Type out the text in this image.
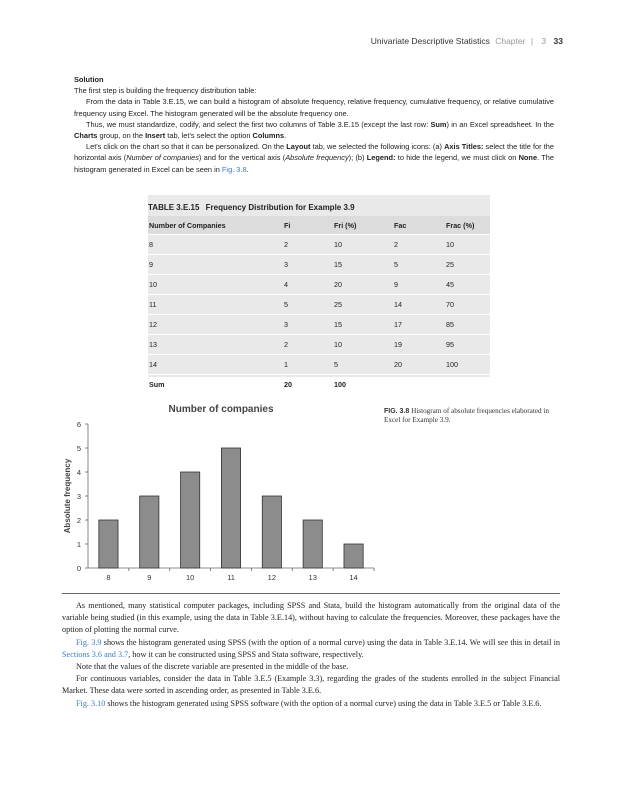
Univariate Descriptive Statistics Chapter | 3 33
Solution

The first step is building the frequency distribution table:

From the data in Table 3.E.15, we can build a histogram of absolute frequency, relative frequency, cumulative frequency, or relative cumulative frequency using Excel. The histogram generated will be the absolute frequency one.

Thus, we must standardize, codify, and select the first two columns of Table 3.E.15 (except the last row: Sum) in an Excel spreadsheet. In the Charts group, on the Insert tab, let's select the option Columns.

Let's click on the chart so that it can be personalized. On the Layout tab, we selected the following icons: (a) Axis Titles: select the title for the horizontal axis (Number of companies) and for the vertical axis (Absolute frequency); (b) Legend: to hide the legend, we must click on None. The histogram generated in Excel can be seen in Fig. 3.8.

TABLE 3.E.15 Frequency Distribution for Example 3.9
Number of Companies	Fi	Fri (%)	Fac	Frac (%)
8	2	10	2	10
9	3	15	5	25
10	4	20	9	45
11	5	25	14	70
12	3	15	17	85
13	2	10	19	95
14	1	5	20	100
Sum	20	100		
Number of companies
Absolute frequency
0
1
2
3
4
5
6
8	9	10	11	12	13	14
FIG. 3.8 Histogram of absolute frequencies elaborated in Excel for Example 3.9.

As mentioned, many statistical computer packages, including SPSS and Stata, build the histogram automatically from the original data of the variable being studied (in this example, using the data in Table 3.E.14), without having to calculate the frequencies. Moreover, these packages have the option of plotting the normal curve.

Fig. 3.9 shows the histogram generated using SPSS (with the option of a normal curve) using the data in Table 3.E.14. We will see this in detail in Sections 3.6 and 3.7, how it can be constructed using SPSS and Stata software, respectively.

Note that the values of the discrete variable are presented in the middle of the base.

For continuous variables, consider the data in Table 3.E.5 (Example 3.3), regarding the grades of the students enrolled in the subject Financial Market. These data were sorted in ascending order, as presented in Table 3.E.6.

Fig. 3.10 shows the histogram generated using SPSS software (with the option of a normal curve) using the data in Table 3.E.5 or Table 3.E.6.
